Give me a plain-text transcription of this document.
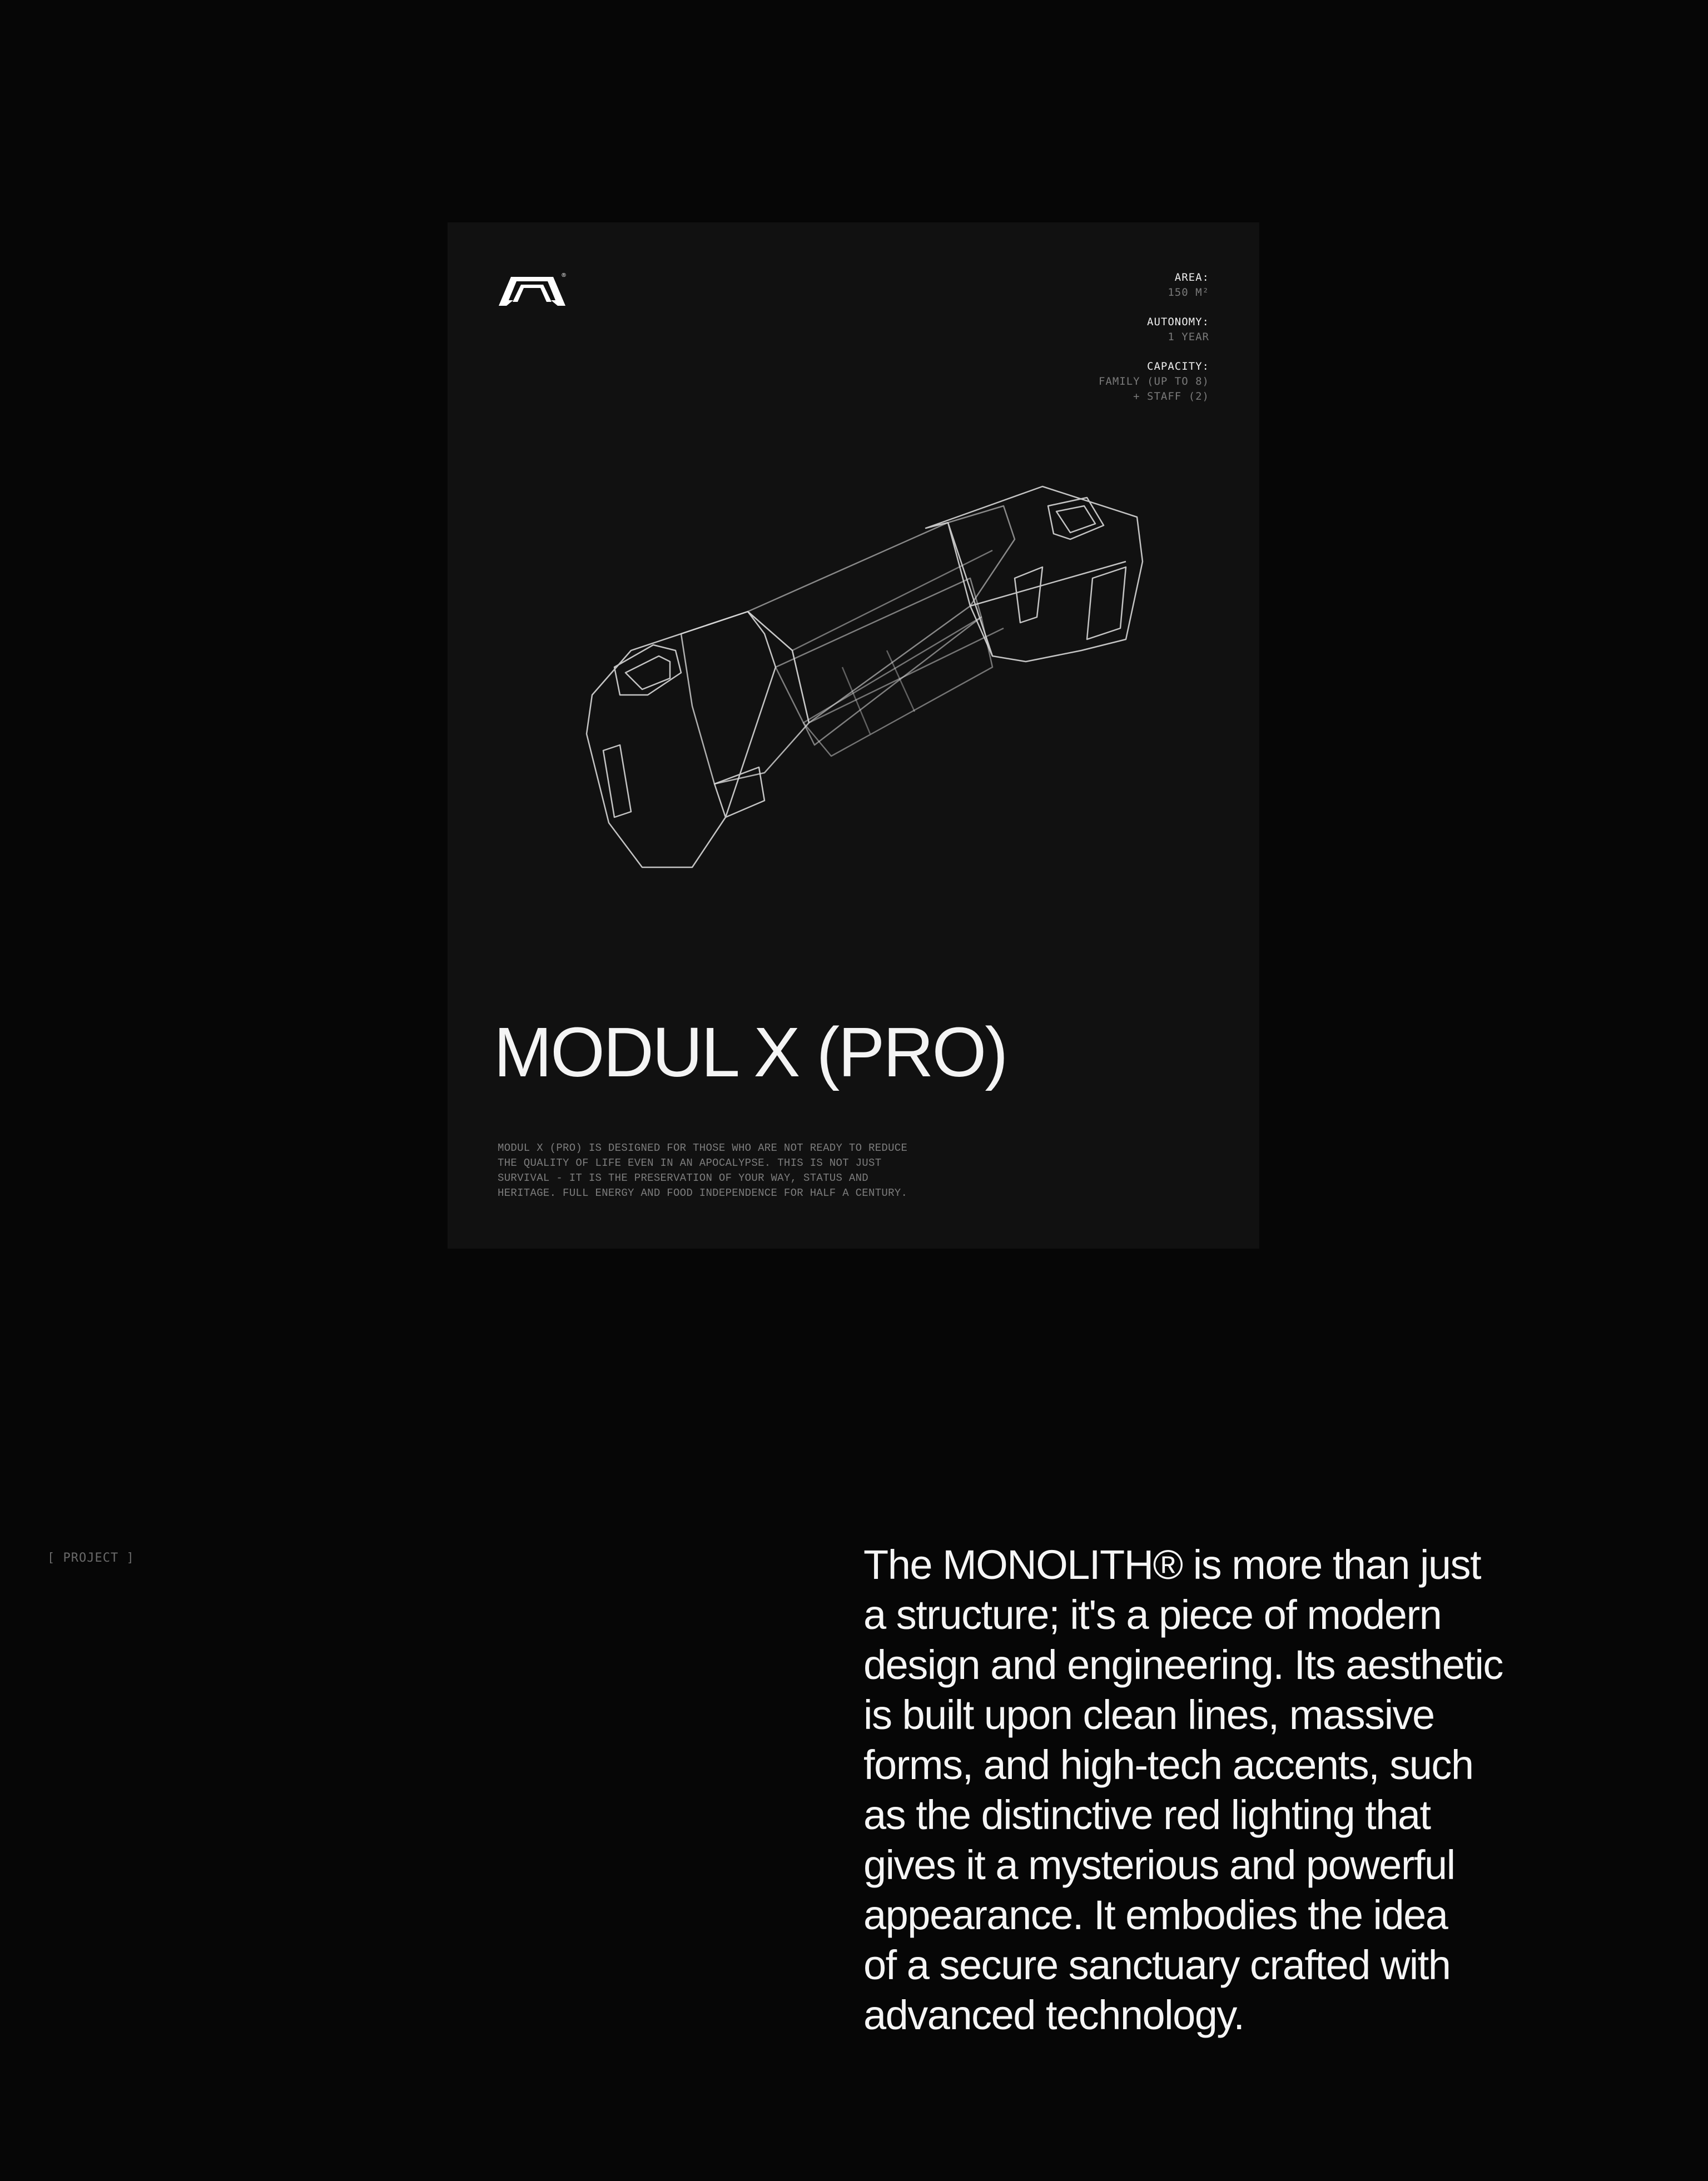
®	AREA:
150 M²
AUTONOMY:
1 YEAR
CAPACITY:
FAMILY (UP TO 8)
+ STAFF (2)
MODUL X (PRO)
MODUL X (PRO) IS DESIGNED FOR THOSE WHO ARE NOT READY TO REDUCE
THE QUALITY OF LIFE EVEN IN AN APOCALYPSE. THIS IS NOT JUST
SURVIVAL - IT IS THE PRESERVATION OF YOUR WAY, STATUS AND
HERITAGE. FULL ENERGY AND FOOD INDEPENDENCE FOR HALF A CENTURY.
[ PROJECT ]	The MONOLITH® is more than just
a structure; it's a piece of modern
design and engineering. Its aesthetic
is built upon clean lines, massive
forms, and high-tech accents, such
as the distinctive red lighting that
gives it a mysterious and powerful
appearance. It embodies the idea
of a secure sanctuary crafted with
advanced technology.
